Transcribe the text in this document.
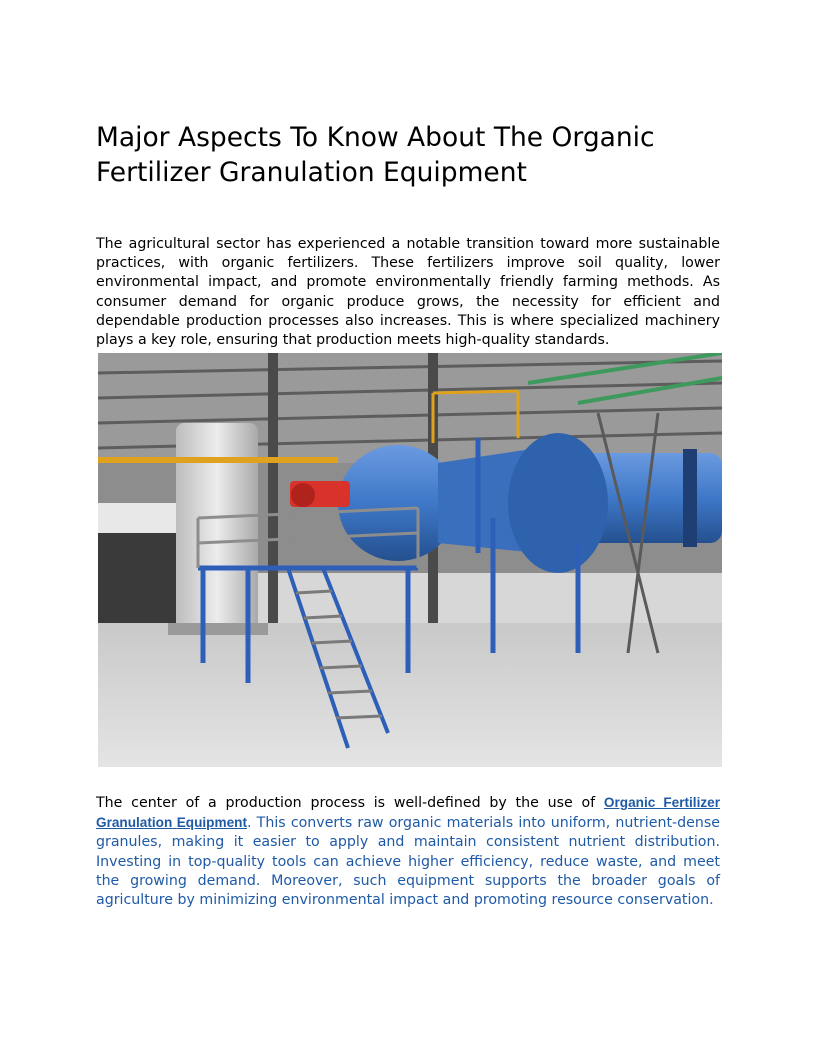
Major Aspects To Know About The Organic Fertilizer Granulation Equipment

The agricultural sector has experienced a notable transition toward more sustainable practices, with organic fertilizers. These fertilizers improve soil quality, lower environmental impact, and promote environmentally friendly farming methods. As consumer demand for organic produce grows, the necessity for efficient and dependable production processes also increases. This is where specialized machinery plays a key role, ensuring that production meets high-quality standards.

The center of a production process is well-defined by the use of Organic Fertilizer Granulation Equipment. This converts raw organic materials into uniform, nutrient-dense granules, making it easier to apply and maintain consistent nutrient distribution. Investing in top-quality tools can achieve higher efficiency, reduce waste, and meet the growing demand. Moreover, such equipment supports the broader goals of agriculture by minimizing environmental impact and promoting resource conservation.
